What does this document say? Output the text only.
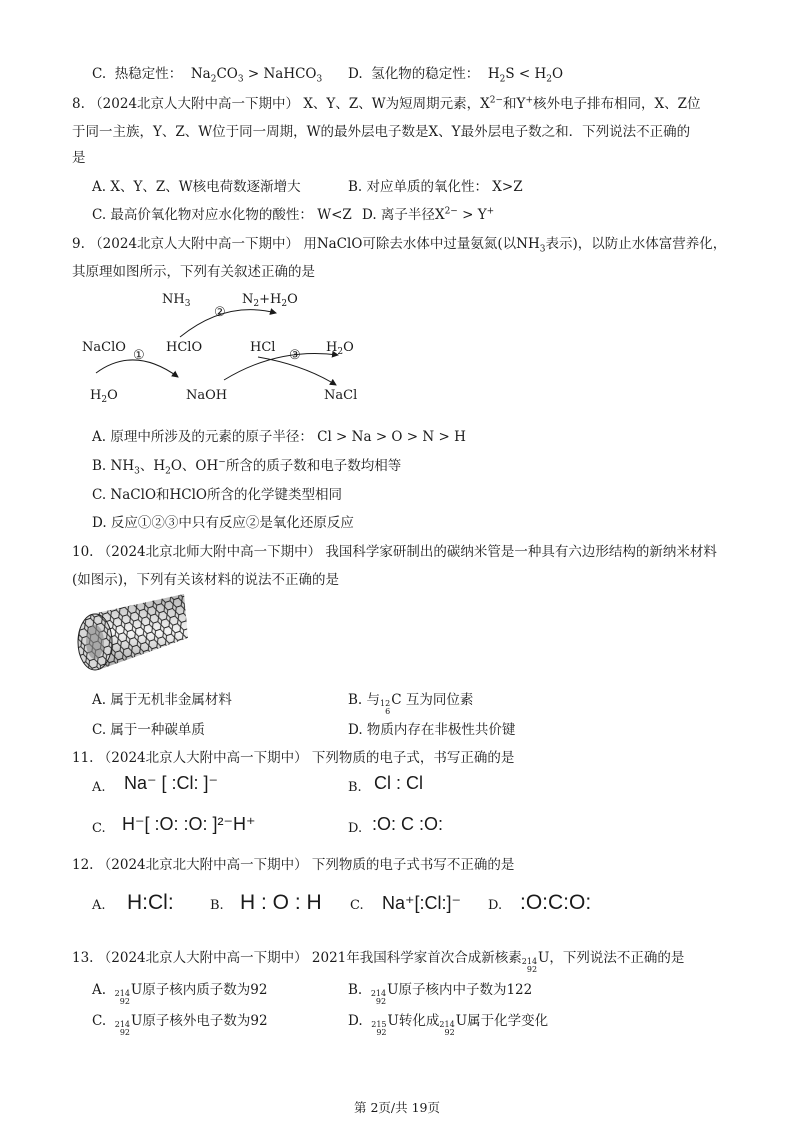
C. 热稳定性： $Na_2CO_3$ > NaHCO$_3$ D. 氢化物的稳定性： $H_2S < H_2O$
8. （2024北京人大附中高一下期中） X、Y、Z、W为短周期元素，$X^{2-}$和Y+核外电子排布相同，X、Z位
于同一主族，Y、Z、W位于同一周期，W的最外层电子数是X、Y最外层电子数之和．下列说法不正确的
是
A. X、Y、Z、W核电荷数逐渐增大	B. 对应单质的氧化性： X>Z
C. 最高价氧化物对应水化物的酸性： W<Z D. 离子半径$X^{2-} > Y^+$
9. （2024北京人大附中高一下期中） 用NaClO可除去水体中过量氨氮(以$NH_3$表示)，以防止水体富营养化，
其原理如图所示，下列有关叙述正确的是
$NH_3$	$N_2+H_2O$
②
NaClO	HClO	HCl	$H_2O$
①	③
$H_2O$	NaOH	NaCl
A. 原理中所涉及的元素的原子半径： Cl > Na > O > N > H
B. $NH_3$、$H_2O$、OH−所含的质子数和电子数均相等
C. NaClO和HClO所含的化学键类型相同
D. 反应①②③中只有反应②是氧化还原反应
10. （2024北京北师大附中高一下期中） 我国科学家研制出的碳纳米管是一种具有六边形结构的新纳米材料
(如图示)，下列有关该材料的说法不正确的是
A. 属于无机非金属材料	B. 与 12
6
C 互为同位素
C. 属于一种碳单质	D. 物质内存在非极性共价键
11. （2024北京人大附中高一下期中） 下列物质的电子式，书写正确的是
A. Na⁻ [ :Cl: ]⁻	B. Cl : Cl
C. H⁻[ :O: :O: ]²⁻H⁺	D. :O: C :O:
12. （2024北京北大附中高一下期中） 下列物质的电子式书写不正确的是
A. H:Cl:	B. H : O : H C. Na⁺[:Cl:]⁻ D. :O:C:O:
13. （2024北京人大附中高一下期中） 2021年我国科学家首次合成新核素 214
92
U，下列说法不正确的是
A. 214
92
U原子核内质子数为92	B. 214
92
U原子核内中子数为122
C. 214
92
U原子核外电子数为92	D. 215
92
U转化成 214
92
U属于化学变化
第 2页/共 19页
